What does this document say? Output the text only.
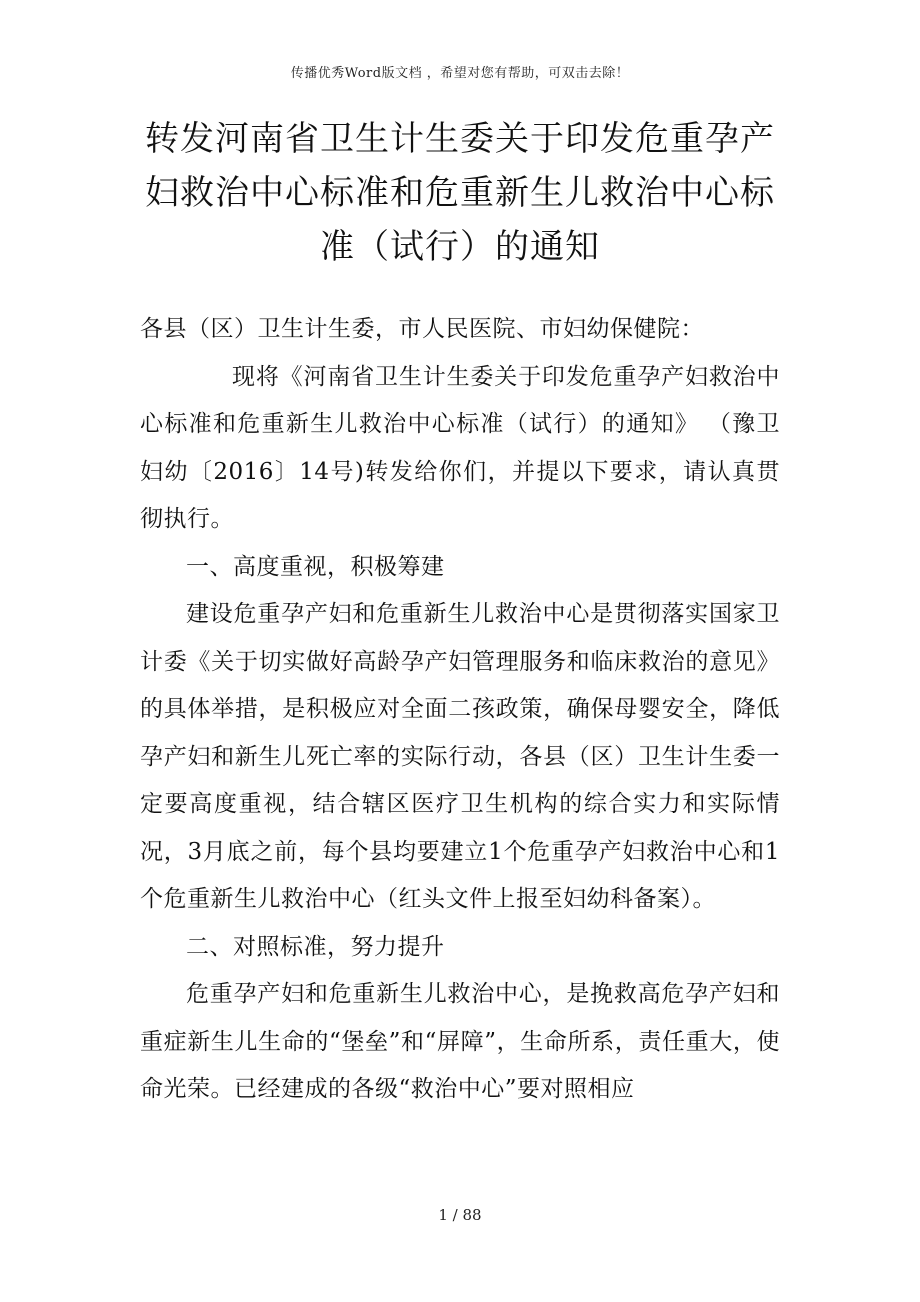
传播优秀Word版文档 ，希望对您有帮助，可双击去除！
转发河南省卫生计生委关于印发危重孕产
妇救治中心标准和危重新生儿救治中心标
准（试行）的通知

各县（区）卫生计生委，市人民医院、市妇幼保健院：

现将《河南省卫生计生委关于印发危重孕产妇救治中心标准和危重新生儿救治中心标准（试行）的通知》 （豫卫妇幼〔2016〕14号)转发给你们，并提以下要求，请认真贯彻执行。

一、高度重视，积极筹建

建设危重孕产妇和危重新生儿救治中心是贯彻落实国家卫计委《关于切实做好高龄孕产妇管理服务和临床救治的意见》的具体举措，是积极应对全面二孩政策，确保母婴安全，降低孕产妇和新生儿死亡率的实际行动，各县（区）卫生计生委一定要高度重视，结合辖区医疗卫生机构的综合实力和实际情况，3月底之前，每个县均要建立1个危重孕产妇救治中心和1个危重新生儿救治中心（红头文件上报至妇幼科备案）。

二、对照标准，努力提升

危重孕产妇和危重新生儿救治中心，是挽救高危孕产妇和重症新生儿生命的“堡垒”和“屏障”，生命所系，责任重大，使命光荣。已经建成的各级“救治中心”要对照相应

1 / 88
